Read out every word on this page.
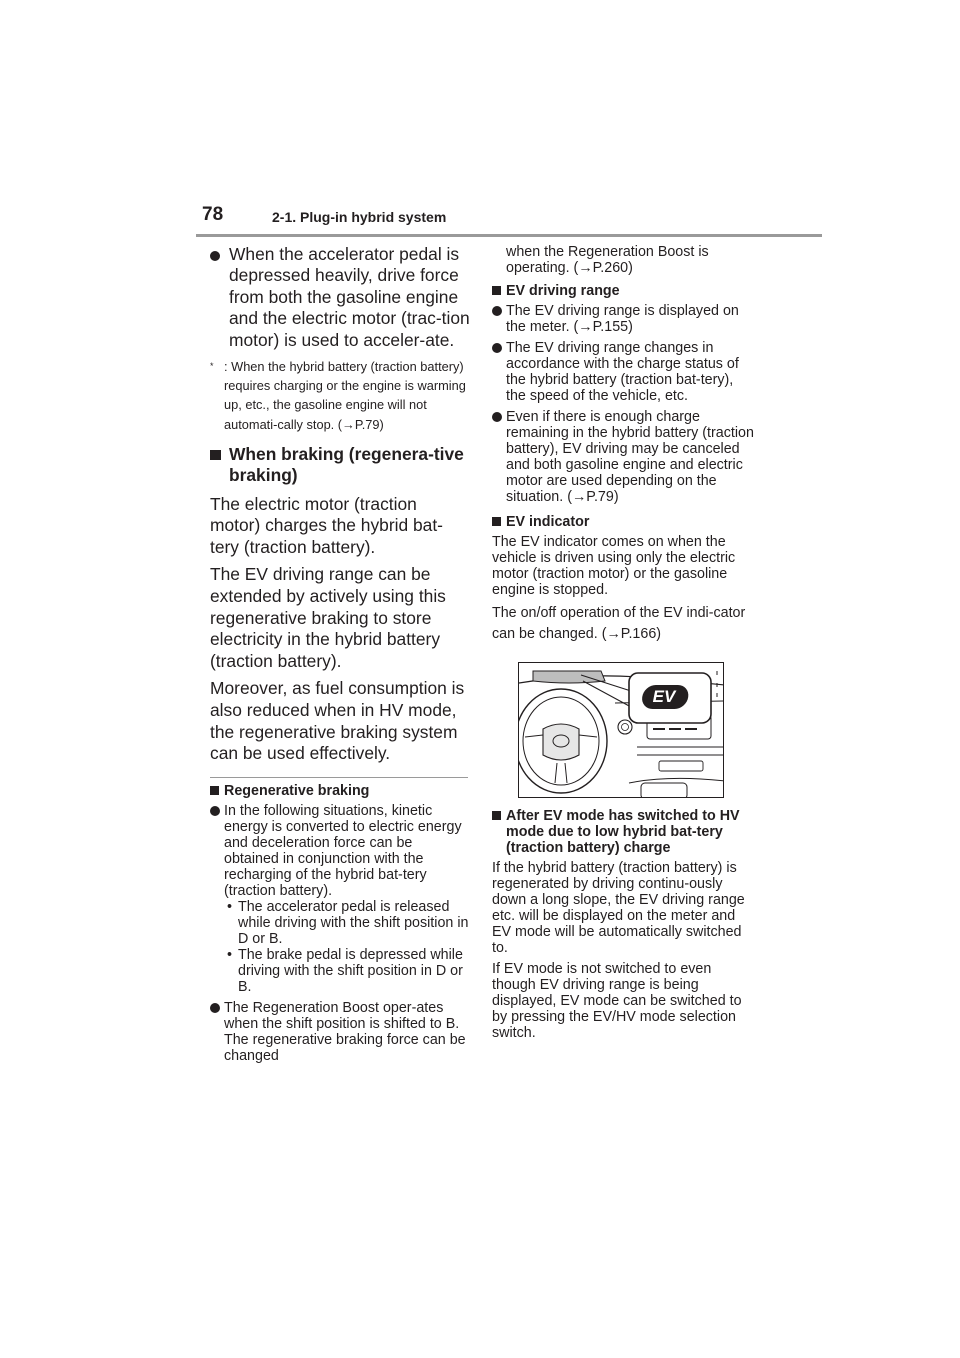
78	2-1. Plug-in hybrid system
When the accelerator pedal is depressed heavily, drive force from both the gasoline engine and the electric motor (trac-tion motor) is used to acceler-ate.
* : When the hybrid battery (traction battery) requires charging or the engine is warming up, etc., the gasoline engine will not automati-cally stop. (→P.79)
When braking (regenera-tive braking)

The electric motor (traction motor) charges the hybrid bat-tery (traction battery).

The EV driving range can be extended by actively using this regenerative braking to store electricity in the hybrid battery (traction battery).

Moreover, as fuel consumption is also reduced when in HV mode, the regenerative braking system can be used effectively.

Regenerative braking
In the following situations, kinetic energy is converted to electric energy and deceleration force can be obtained in conjunction with the recharging of the hybrid bat-tery (traction battery).
• The accelerator pedal is released while driving with the shift position in D or B.
• The brake pedal is depressed while driving with the shift position in D or B.
The Regeneration Boost oper-ates when the shift position is shifted to B. The regenerative braking force can be changed

when the Regeneration Boost is operating. (→P.260)

EV driving range
The EV driving range is displayed on the meter. (→P.155)
The EV driving range changes in accordance with the charge status of the hybrid battery (traction bat-tery), the speed of the vehicle, etc.
Even if there is enough charge remaining in the hybrid battery (traction battery), EV driving may be canceled and both gasoline engine and electric motor are used depending on the situation. (→P.79)
EV indicator

The EV indicator comes on when the vehicle is driven using only the electric motor (traction motor) or the gasoline engine is stopped.

The on/off operation of the EV indi-cator can be changed. (→P.166)

After EV mode has switched to HV mode due to low hybrid bat-tery (traction battery) charge

If the hybrid battery (traction battery) is regenerated by driving continu-ously down a long slope, the EV driving range etc. will be displayed on the meter and EV mode will be automatically switched to.

If EV mode is not switched to even though EV driving range is being displayed, EV mode can be switched to by pressing the EV/HV mode selection switch.

EV
